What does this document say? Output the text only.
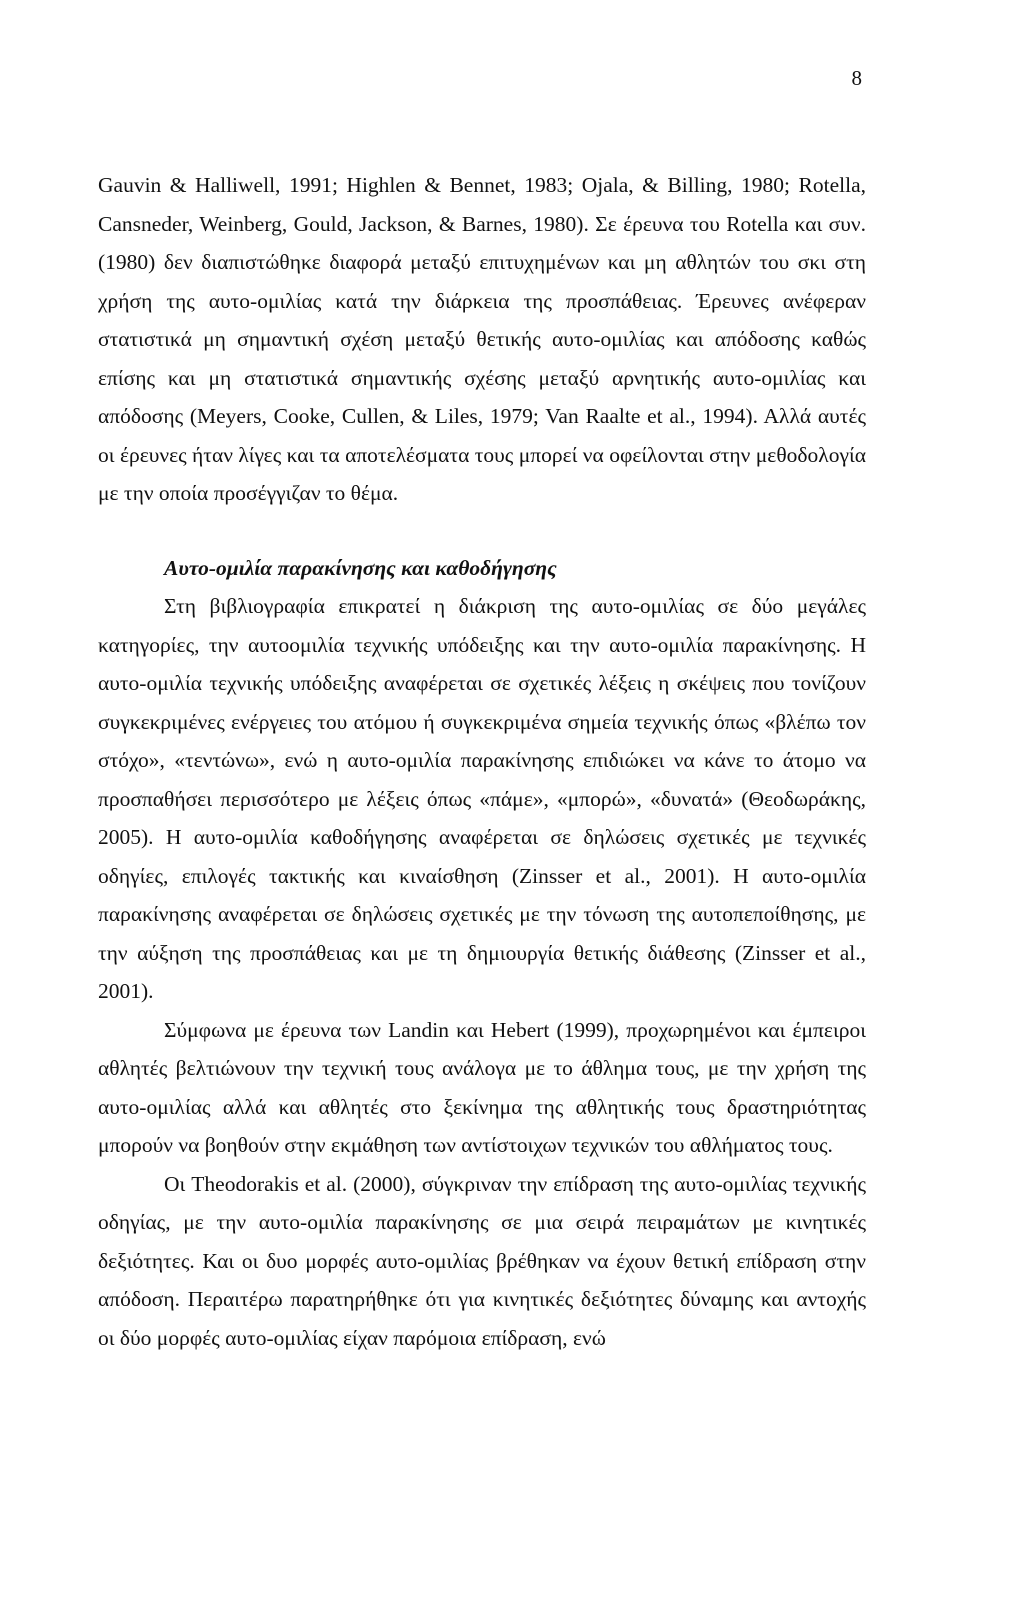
8

Gauvin & Halliwell, 1991; Highlen & Bennet, 1983; Ojala, & Billing, 1980; Rotella, Cansneder, Weinberg, Gould, Jackson, & Barnes, 1980). Σε έρευνα του Rotella και συν. (1980) δεν διαπιστώθηκε διαφορά μεταξύ επιτυχημένων και μη αθλητών του σκι στη χρήση της αυτο-ομιλίας κατά την διάρκεια της προσπάθειας. Έρευνες ανέφεραν στατιστικά μη σημαντική σχέση μεταξύ θετικής αυτο-ομιλίας και απόδοσης καθώς επίσης και μη στατιστικά σημαντικής σχέσης μεταξύ αρνητικής αυτο-ομιλίας και απόδοσης (Meyers, Cooke, Cullen, & Liles, 1979; Van Raalte et al., 1994). Αλλά αυτές οι έρευνες ήταν λίγες και τα αποτελέσματα τους μπορεί να οφείλονται στην μεθοδολογία με την οποία προσέγγιζαν το θέμα.

Αυτο-ομιλία παρακίνησης και καθοδήγησης

Στη βιβλιογραφία επικρατεί η διάκριση της αυτο-ομιλίας σε δύο μεγάλες κατηγορίες, την αυτοομιλία τεχνικής υπόδειξης και την αυτο-ομιλία παρακίνησης. Η αυτο-ομιλία τεχνικής υπόδειξης αναφέρεται σε σχετικές λέξεις η σκέψεις που τονίζουν συγκεκριμένες ενέργειες του ατόμου ή συγκεκριμένα σημεία τεχνικής όπως «βλέπω τον στόχο», «τεντώνω», ενώ η αυτο-ομιλία παρακίνησης επιδιώκει να κάνε το άτομο να προσπαθήσει περισσότερο με λέξεις όπως «πάμε», «μπορώ», «δυνατά» (Θεοδωράκης, 2005). Η αυτο-ομιλία καθοδήγησης αναφέρεται σε δηλώσεις σχετικές με τεχνικές οδηγίες, επιλογές τακτικής και κιναίσθηση (Zinsser et al., 2001). Η αυτο-ομιλία παρακίνησης αναφέρεται σε δηλώσεις σχετικές με την τόνωση της αυτοπεποίθησης, με την αύξηση της προσπάθειας και με τη δημιουργία θετικής διάθεσης (Zinsser et al., 2001).

Σύμφωνα με έρευνα των Landin και Hebert (1999), προχωρημένοι και έμπειροι αθλητές βελτιώνουν την τεχνική τους ανάλογα με το άθλημα τους, με την χρήση της αυτο-ομιλίας αλλά και αθλητές στο ξεκίνημα της αθλητικής τους δραστηριότητας μπορούν να βοηθούν στην εκμάθηση των αντίστοιχων τεχνικών του αθλήματος τους.

Οι Theodorakis et al. (2000), σύγκριναν την επίδραση της αυτο-ομιλίας τεχνικής οδηγίας, με την αυτο-ομιλία παρακίνησης σε μια σειρά πειραμάτων με κινητικές δεξιότητες. Και οι δυο μορφές αυτο-ομιλίας βρέθηκαν να έχουν θετική επίδραση στην απόδοση. Περαιτέρω παρατηρήθηκε ότι για κινητικές δεξιότητες δύναμης και αντοχής οι δύο μορφές αυτο-ομιλίας είχαν παρόμοια επίδραση, ενώ
